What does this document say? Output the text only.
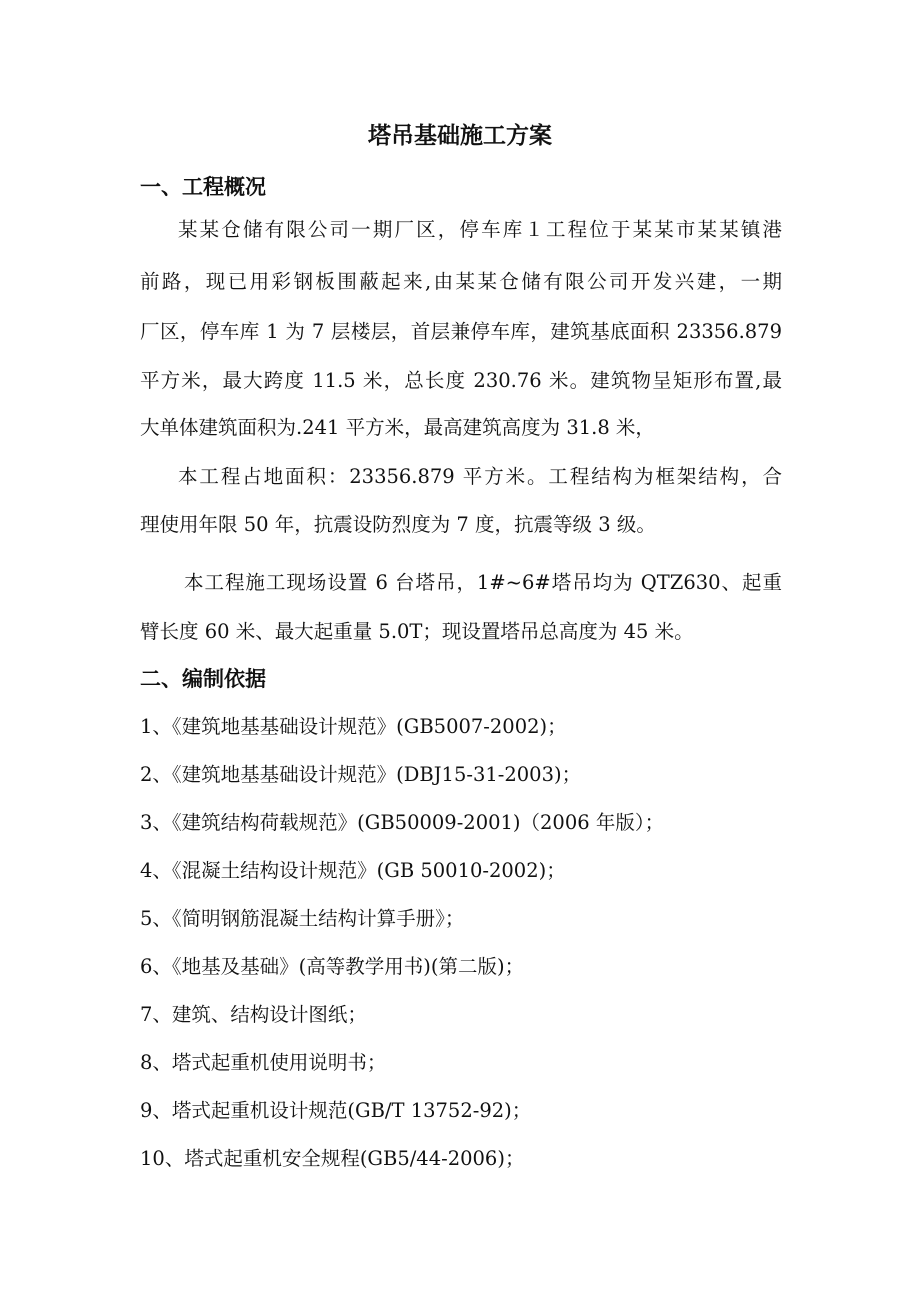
塔吊基础施工方案
一、工程概况
某某仓储有限公司一期厂区，停车库１工程位于某某市某某镇港
前路，现已用彩钢板围蔽起来,由某某仓储有限公司开发兴建，一期
厂区，停车库 1 为 7 层楼层，首层兼停车库，建筑基底面积 23356.879
平方米，最大跨度 11.5 米，总长度 230.76 米。建筑物呈矩形布置,最
大单体建筑面积为.241 平方米，最高建筑高度为 31.8 米，
本工程占地面积：23356.879 平方米。工程结构为框架结构，合
理使用年限 50 年，抗震设防烈度为 7 度，抗震等级 3 级。
本工程施工现场设置 6 台塔吊，1#~6#塔吊均为 QTZ630、起重
臂长度 60 米、最大起重量 5.0T；现设置塔吊总高度为 45 米。
二、编制依据
1、《建筑地基基础设计规范》(GB5007-2002)；
2、《建筑地基基础设计规范》(DBJ15-31-2003)；
3、《建筑结构荷载规范》(GB50009-2001)（2006 年版）；
4、《混凝土结构设计规范》(GB 50010-2002)；
5、《简明钢筋混凝土结构计算手册》；
6、《地基及基础》(高等教学用书)(第二版)；
7、建筑、结构设计图纸；
8、塔式起重机使用说明书；
9、塔式起重机设计规范(GB/T 13752-92)；
10、塔式起重机安全规程(GB5/44-2006)；
